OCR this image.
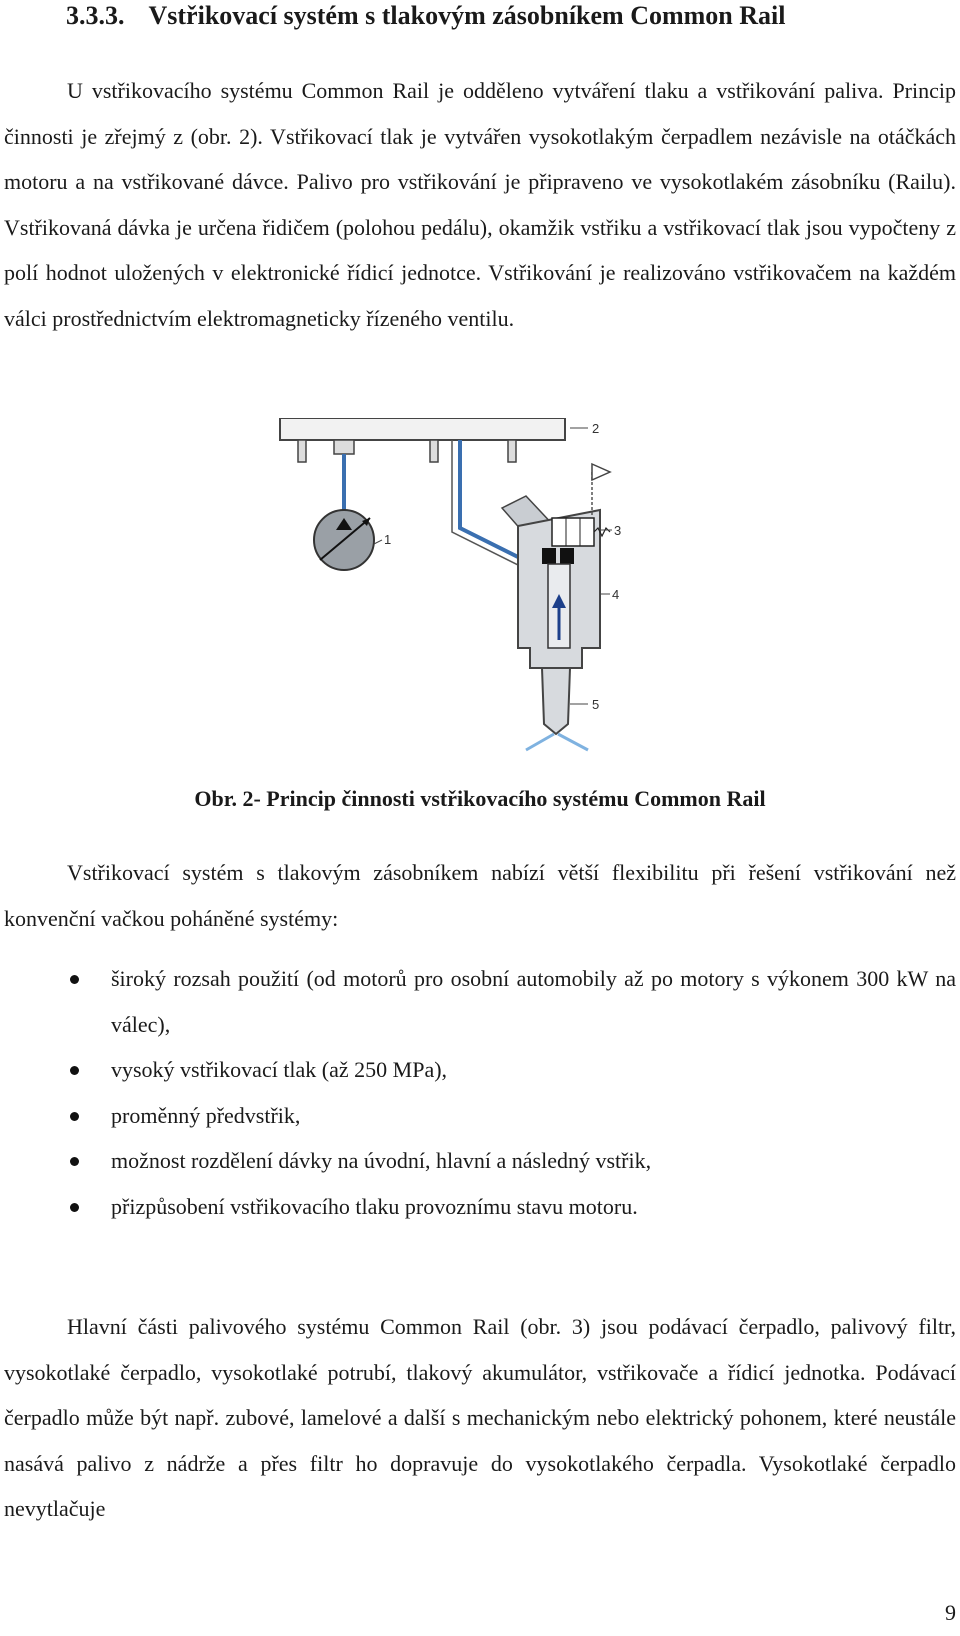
3.3.3. Vstřikovací systém s tlakovým zásobníkem Common Rail

U vstřikovacího systému Common Rail je odděleno vytváření tlaku a vstřikování paliva. Princip činnosti je zřejmý z (obr. 2). Vstřikovací tlak je vytvářen vysokotlakým čerpadlem nezávisle na otáčkách motoru a na vstřikované dávce. Palivo pro vstřikování je připraveno ve vysokotlakém zásobníku (Railu). Vstřikovaná dávka je určena řidičem (polohou pedálu), okamžik vstřiku a vstřikovací tlak jsou vypočteny z polí hodnot uložených v elektronické řídicí jednotce. Vstřikování je realizováno vstřikovačem na každém válci prostřednictvím elektromagneticky řízeného ventilu.

1
2
3
4
5

Obr. 2- Princip činnosti vstřikovacího systému Common Rail

Vstřikovací systém s tlakovým zásobníkem nabízí větší flexibilitu při řešení vstřikování než konvenční vačkou poháněné systémy:

široký rozsah použití (od motorů pro osobní automobily až po motory s výkonem 300 kW na válec),
vysoký vstřikovací tlak (až 250 MPa),
proměnný předvstřik,
možnost rozdělení dávky na úvodní, hlavní a následný vstřik,
přizpůsobení vstřikovacího tlaku provoznímu stavu motoru.

Hlavní části palivového systému Common Rail (obr. 3) jsou podávací čerpadlo, palivový filtr, vysokotlaké čerpadlo, vysokotlaké potrubí, tlakový akumulátor, vstřikovače a řídicí jednotka. Podávací čerpadlo může být např. zubové, lamelové a další s mechanickým nebo elektrický pohonem, které neustále nasává palivo z nádrže a přes filtr ho dopravuje do vysokotlakého čerpadla. Vysokotlaké čerpadlo nevytlačuje

9
